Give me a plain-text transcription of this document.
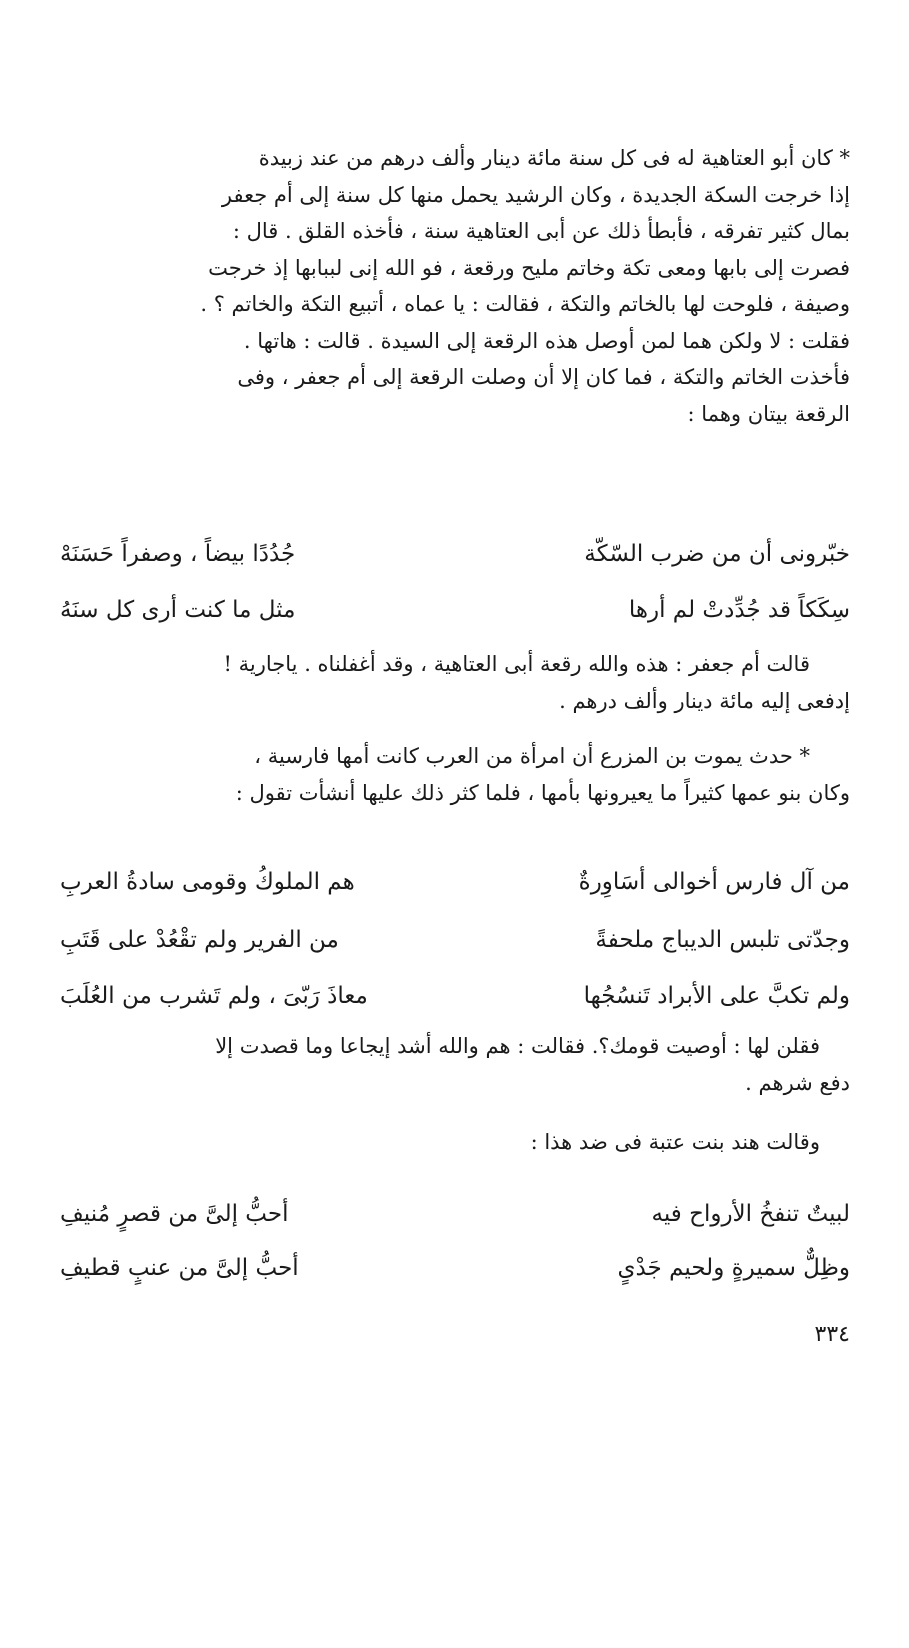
* كان أبو العتاهية له فى كل سنة مائة دينار وألف درهم من عند زبيدة

إذا خرجت السكة الجديدة ، وكان الرشيد يحمل منها كل سنة إلى أم جعفر

بمال كثير تفرقه ، فأبطأ ذلك عن أبى العتاهية سنة ، فأخذه القلق . قال :

فصرت إلى بابها ومعى تكة وخاتم مليح ورقعة ، فو الله إنى لببابها إذ خرجت

وصيفة ، فلوحت لها بالخاتم والتكة ، فقالت : يا عماه ، أتبيع التكة والخاتم ؟ .

فقلت : لا ولكن هما لمن أوصل هذه الرقعة إلى السيدة . قالت : هاتها .

فأخذت الخاتم والتكة ، فما كان إلا أن وصلت الرقعة إلى أم جعفر ، وفى

الرقعة بيتان وهما :

خبّرونى أن من ضرب السّكّة
جُدُدًا بيضاً ، وصفراً حَسَنَهْ
سِكَكاً قد جُدِّدتْ لم أرها
مثل ما كنت أرى كل سنَهُ

قالت أم جعفر : هذه والله رقعة أبى العتاهية ، وقد أغفلناه . ياجارية !

إدفعى إليه مائة دينار وألف درهم .

* حدث يموت بن المزرع أن امرأة من العرب كانت أمها فارسية ،

وكان بنو عمها كثيراً ما يعيرونها بأمها ، فلما كثر ذلك عليها أنشأت تقول :

من آل فارس أخوالى أسَاوِرةٌ
هم الملوكُ وقومى سادةُ العربِ
وجدّتى تلبس الديباج ملحفةً
من الفرير ولم تقْعُدْ على قَتَبِ
ولم تكبَّ على الأبراد تَنسُجُها
معاذَ رَبّىَ ، ولم تَشرب من العُلَبَ

فقلن لها : أوصيت قومك؟. فقالت : هم والله أشد إيجاعا وما قصدت إلا

دفع شرهم .

وقالت هند بنت عتبة فى ضد هذا :

لبيتٌ تنفخُ الأرواح فيه
أحبُّ إلىَّ من قصرٍ مُنيفِ
وظِلٌّ سميرةٍ ولحيم جَدْىٍ
أحبُّ إلىَّ من عنبٍ قطيفِ
٣٣٤
